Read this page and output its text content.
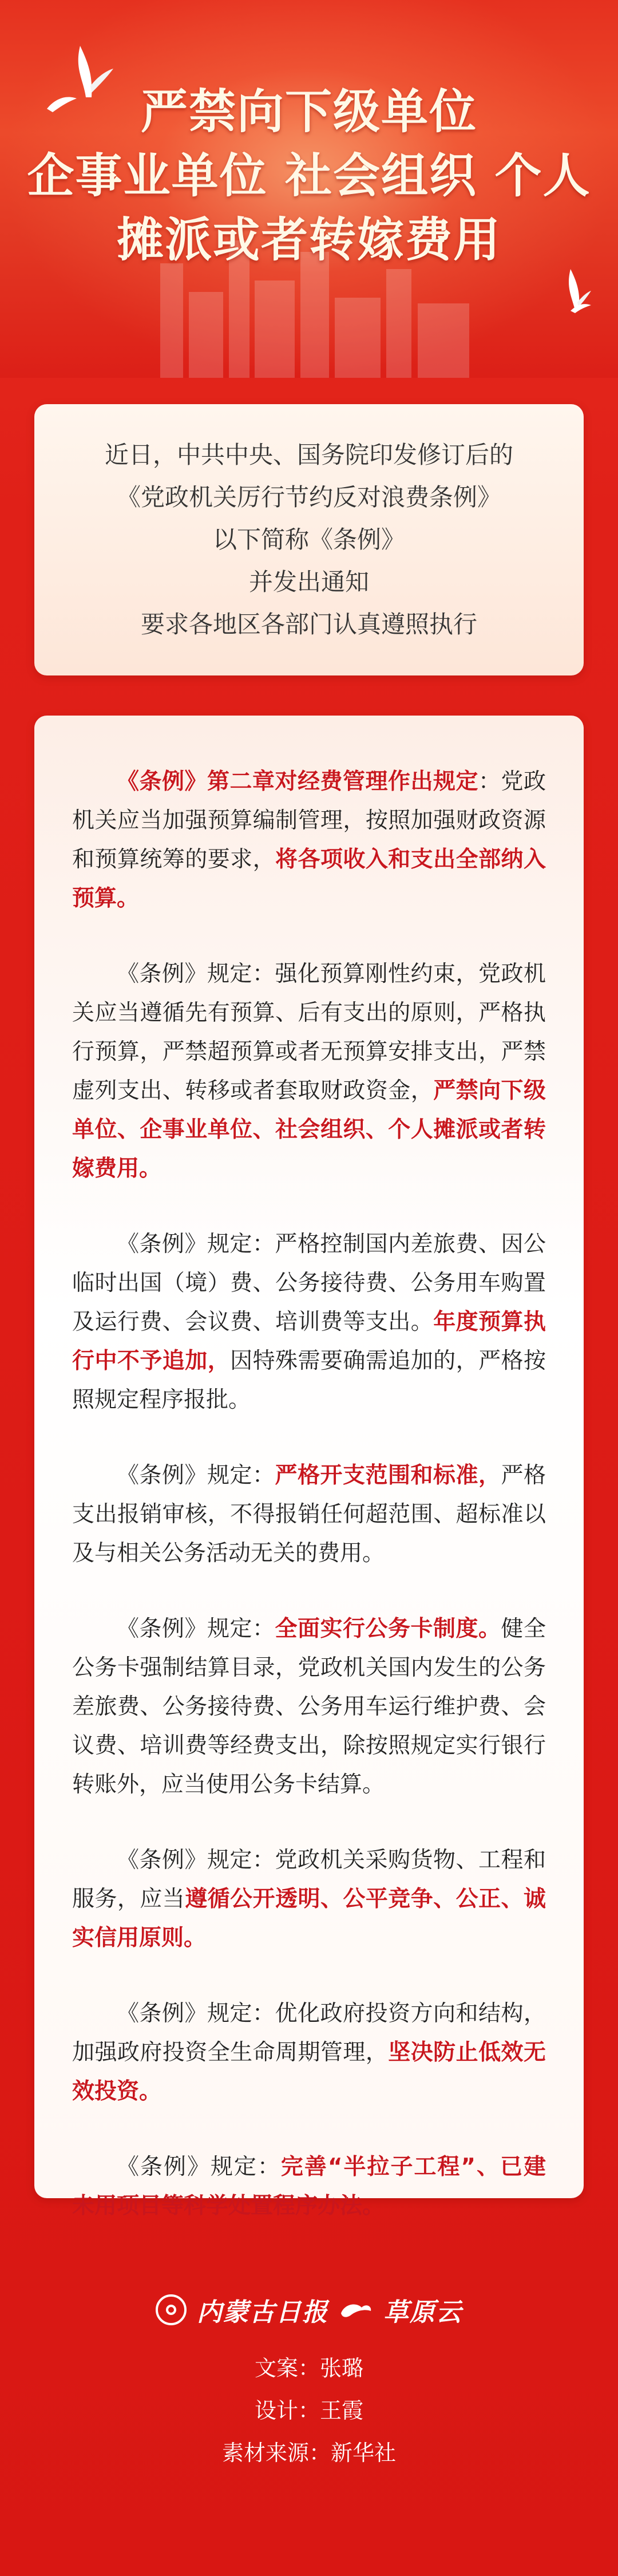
严禁向下级单位
企事业单位 社会组织 个人
摊派或者转嫁费用
近日，中共中央、国务院印发修订后的
《党政机关厉行节约反对浪费条例》
以下简称《条例》
并发出通知
要求各地区各部门认真遵照执行

《条例》第二章对经费管理作出规定：党政机关应当加强预算编制管理，按照加强财政资源和预算统筹的要求，将各项收入和支出全部纳入预算。

《条例》规定：强化预算刚性约束，党政机关应当遵循先有预算、后有支出的原则，严格执行预算，严禁超预算或者无预算安排支出，严禁虚列支出、转移或者套取财政资金，严禁向下级单位、企事业单位、社会组织、个人摊派或者转嫁费用。

《条例》规定：严格控制国内差旅费、因公临时出国（境）费、公务接待费、公务用车购置及运行费、会议费、培训费等支出。年度预算执行中不予追加，因特殊需要确需追加的，严格按照规定程序报批。

《条例》规定：严格开支范围和标准，严格支出报销审核，不得报销任何超范围、超标准以及与相关公务活动无关的费用。

《条例》规定：全面实行公务卡制度。健全公务卡强制结算目录，党政机关国内发生的公务差旅费、公务接待费、公务用车运行维护费、会议费、培训费等经费支出，除按照规定实行银行转账外，应当使用公务卡结算。

《条例》规定：党政机关采购货物、工程和服务，应当遵循公开透明、公平竞争、公正、诚实信用原则。

《条例》规定：优化政府投资方向和结构，加强政府投资全生命周期管理，坚决防止低效无效投资。

《条例》规定：完善“半拉子工程”、已建未用项目等科学处置程序办法。

内蒙古日报 草原云
文案：张璐
设计：王霞
素材来源：新华社
